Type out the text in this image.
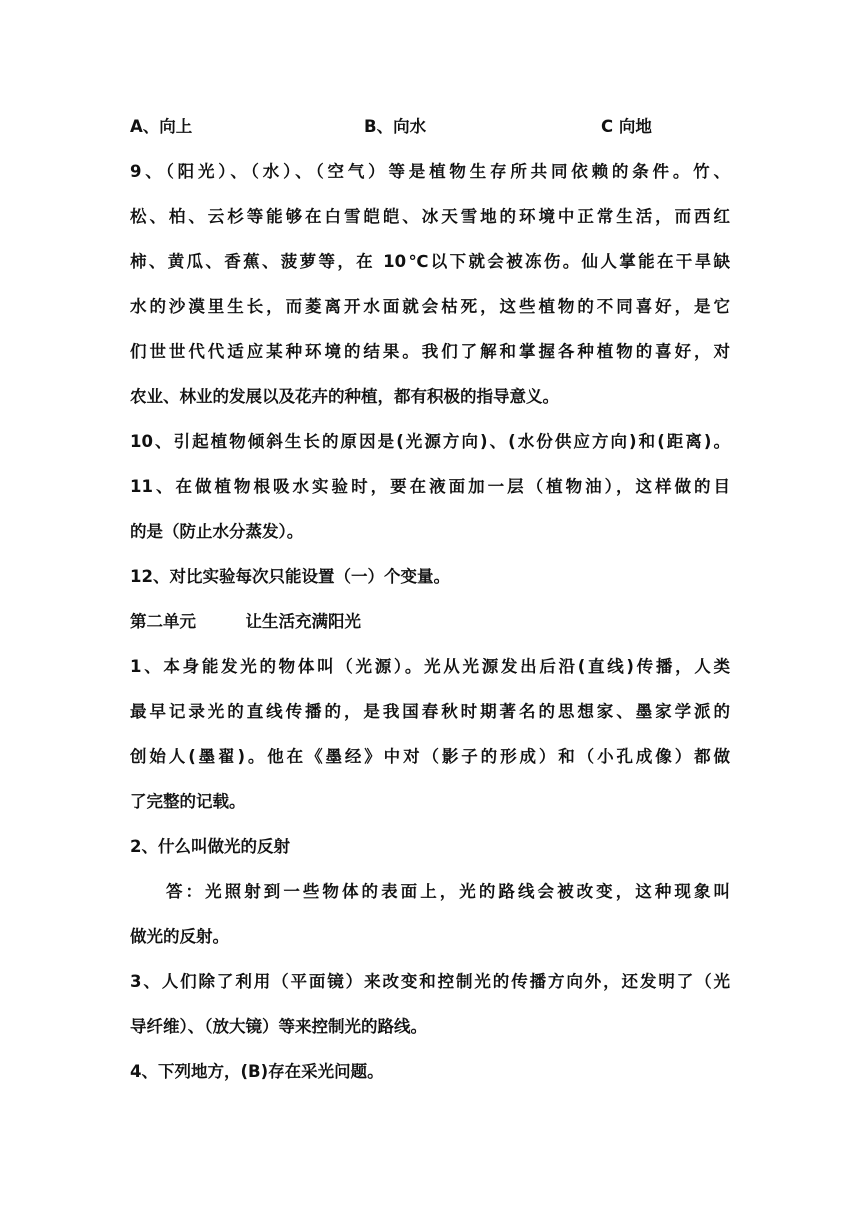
A、向上	B、向水	C 向地
9、（阳光）、（水）、（空气）等是植物生存所共同依赖的条件。竹、
松、柏、云杉等能够在白雪皑皑、冰天雪地的环境中正常生活，而西红
柿、黄瓜、香蕉、菠萝等，在 10℃以下就会被冻伤。仙人掌能在干旱缺
水的沙漠里生长，而菱离开水面就会枯死，这些植物的不同喜好，是它
们世世代代适应某种环境的结果。我们了解和掌握各种植物的喜好，对
农业、林业的发展以及花卉的种植，都有积极的指导意义。
10、引起植物倾斜生长的原因是(光源方向)、(水份供应方向)和(距离)。
11、在做植物根吸水实验时，要在液面加一层（植物油），这样做的目
的是（防止水分蒸发）。
12、对比实验每次只能设置（一）个变量。
第二单元　　　让生活充满阳光
1、本身能发光的物体叫（光源）。光从光源发出后沿(直线)传播，人类
最早记录光的直线传播的，是我国春秋时期著名的思想家、墨家学派的
创始人(墨翟)。他在《墨经》中对（影子的形成）和（小孔成像）都做
了完整的记载。
2、什么叫做光的反射
答：光照射到一些物体的表面上，光的路线会被改变，这种现象叫
做光的反射。
3、人们除了利用（平面镜）来改变和控制光的传播方向外，还发明了（光
导纤维）、（放大镜）等来控制光的路线。
4、下列地方，(B)存在采光问题。
